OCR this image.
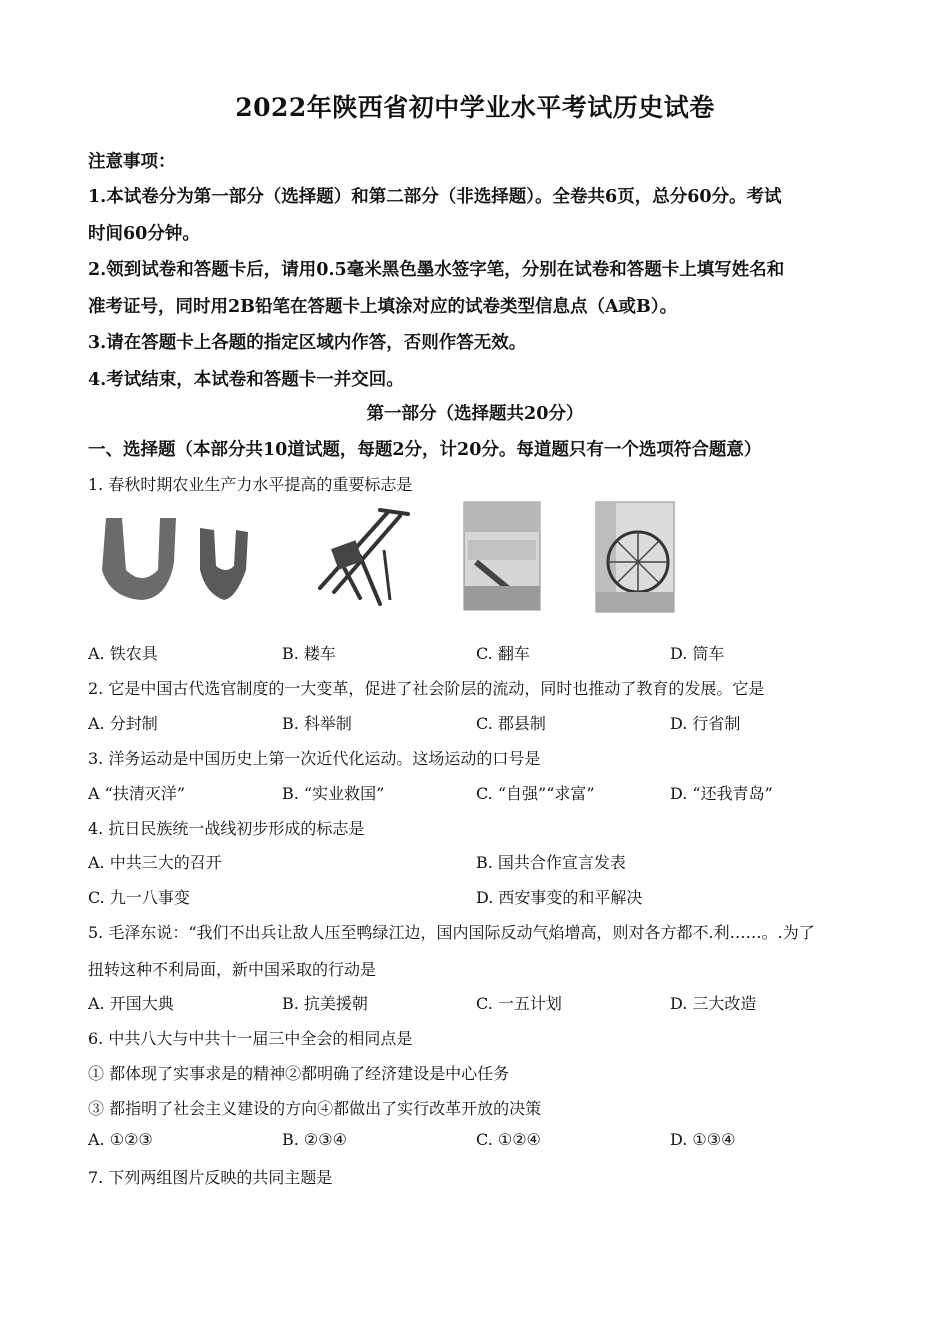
2022年陕西省初中学业水平考试历史试卷
注意事项：
1.本试卷分为第一部分（选择题）和第二部分（非选择题）。全卷共6页，总分60分。考试
时间60分钟。
2.领到试卷和答题卡后，请用0.5毫米黑色墨水签字笔，分别在试卷和答题卡上填写姓名和
准考证号，同时用2B铅笔在答题卡上填涂对应的试卷类型信息点（A或B）。
3.请在答题卡上各题的指定区域内作答，否则作答无效。
4.考试结束，本试卷和答题卡一并交回。
第一部分（选择题共20分）
一、选择题（本部分共10道试题，每题2分，计20分。每道题只有一个选项符合题意）
1. 春秋时期农业生产力水平提高的重要标志是
A. 铁农具	B. 耧车	C. 翻车	D. 筒车
2. 它是中国古代选官制度的一大变革，促进了社会阶层的流动，同时也推动了教育的发展。它是
A. 分封制	B. 科举制	C. 郡县制	D. 行省制
3. 洋务运动是中国历史上第一次近代化运动。这场运动的口号是
A “扶清灭洋”	B. “实业救国”	C. “自强”“求富”	D. “还我青岛”
4. 抗日民族统一战线初步形成的标志是
A. 中共三大的召开	B. 国共合作宣言发表
C. 九一八事变	D. 西安事变的和平解决
5. 毛泽东说：“我们不出兵让敌人压至鸭绿江边，国内国际反动气焰增高，则对各方都不.利……。.为了
扭转这种不利局面，新中国采取的行动是
A. 开国大典	B. 抗美援朝	C. 一五计划	D. 三大改造
6. 中共八大与中共十一届三中全会的相同点是
① 都体现了实事求是的精神②都明确了经济建设是中心任务
③ 都指明了社会主义建设的方向④都做出了实行改革开放的决策
A. ①②③	B. ②③④	C. ①②④	D. ①③④
7. 下列两组图片反映的共同主题是
